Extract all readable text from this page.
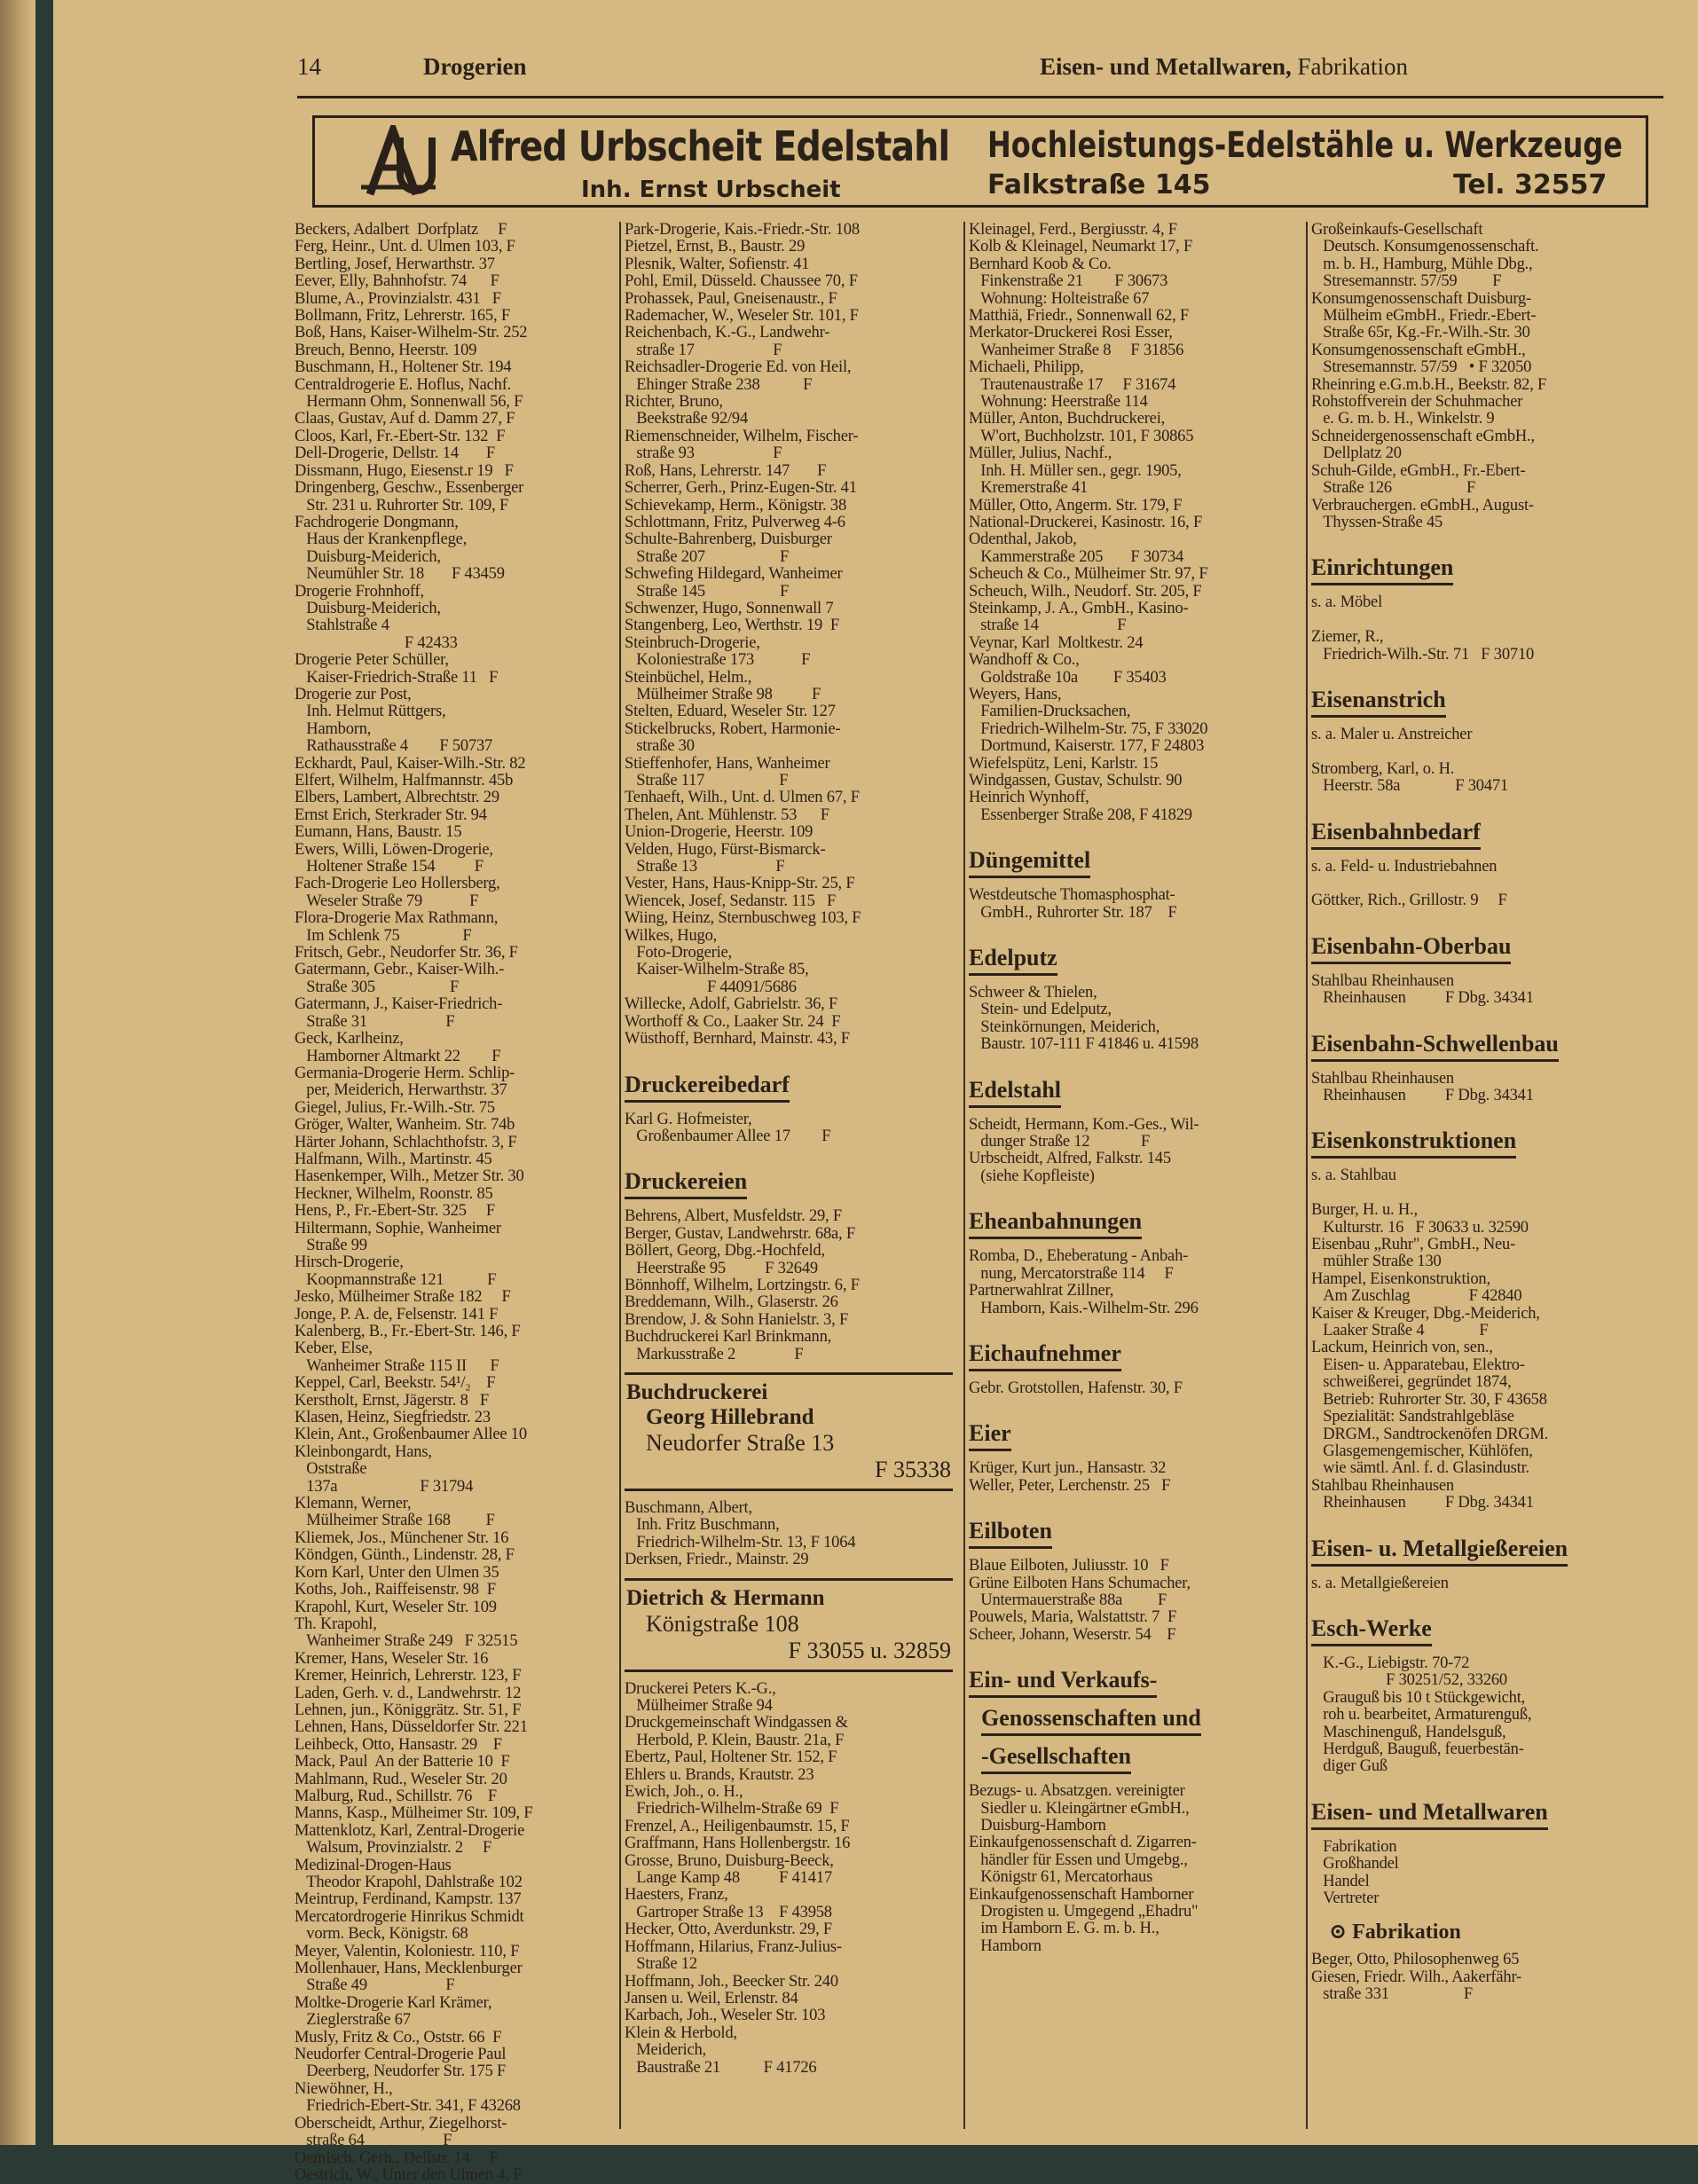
14	Drogerien	Eisen- und Metallwaren, Fabrikation
Alfred Urbscheit Edelstahl
Inh. Ernst Urbscheit
Hochleistungs-Edelstähle u. Werkzeuge
Falkstraße 145	Tel. 32557

Beckers, Adalbert  Dorfplatz     F
Ferg, Heinr., Unt. d. Ulmen 103, F
Bertling, Josef, Herwarthstr. 37
Eever, Elly, Bahnhofstr. 74      F
Blume, A., Provinzialstr. 431   F
Bollmann, Fritz, Lehrerstr. 165, F
Boß, Hans, Kaiser-Wilhelm-Str. 252
Breuch, Benno, Heerstr. 109
Buschmann, H., Holtener Str. 194
Centraldrogerie E. Hoflus, Nachf.
Hermann Ohm, Sonnenwall 56, F
Claas, Gustav, Auf d. Damm 27, F
Cloos, Karl, Fr.-Ebert-Str. 132  F
Dell-Drogerie, Dellstr. 14       F
Dissmann, Hugo, Eiesenst.r 19   F
Dringenberg, Geschw., Essenberger
Str. 231 u. Ruhrorter Str. 109, F
Fachdrogerie Dongmann,
Haus der Krankenpflege,
Duisburg-Meiderich,
Neumühler Str. 18       F 43459
Drogerie Frohnhoff,
Duisburg-Meiderich,
Stahlstraße 4
F 42433
Drogerie Peter Schüller,
Kaiser-Friedrich-Straße 11   F
Drogerie zur Post,
Inh. Helmut Rüttgers,
Hamborn,
Rathausstraße 4        F 50737
Eckhardt, Paul, Kaiser-Wilh.-Str. 82
Elfert, Wilhelm, Halfmannstr. 45b
Elbers, Lambert, Albrechtstr. 29
Ernst Erich, Sterkrader Str. 94
Eumann, Hans, Baustr. 15
Ewers, Willi, Löwen-Drogerie,
Holtener Straße 154          F
Fach-Drogerie Leo Hollersberg,
Weseler Straße 79            F
Flora-Drogerie Max Rathmann,
Im Schlenk 75                F
Fritsch, Gebr., Neudorfer Str. 36, F
Gatermann, Gebr., Kaiser-Wilh.-
Straße 305                   F
Gatermann, J., Kaiser-Friedrich-
Straße 31                    F
Geck, Karlheinz,
Hamborner Altmarkt 22        F
Germania-Drogerie Herm. Schlip-
per, Meiderich, Herwarthstr. 37
Giegel, Julius, Fr.-Wilh.-Str. 75
Gröger, Walter, Wanheim. Str. 74b
Härter Johann, Schlachthofstr. 3, F
Halfmann, Wilh., Martinstr. 45
Hasenkemper, Wilh., Metzer Str. 30
Heckner, Wilhelm, Roonstr. 85
Hens, P., Fr.-Ebert-Str. 325     F
Hiltermann, Sophie, Wanheimer
Straße 99
Hirsch-Drogerie,
Koopmannstraße 121           F
Jesko, Mülheimer Straße 182     F
Jonge, P. A. de, Felsenstr. 141 F
Kalenberg, B., Fr.-Ebert-Str. 146, F
Keber, Else,
Wanheimer Straße 115 II      F
Keppel, Carl, Beekstr. 54¹/₂    F
Kerstholt, Ernst, Jägerstr. 8   F
Klasen, Heinz, Siegfriedstr. 23
Klein, Ant., Großenbaumer Allee 10
Kleinbongardt, Hans,
Oststraße
137a                     F 31794
Klemann, Werner,
Mülheimer Straße 168         F
Kliemek, Jos., Münchener Str. 16
Köndgen, Günth., Lindenstr. 28, F
Korn Karl, Unter den Ulmen 35
Koths, Joh., Raiffeisenstr. 98  F
Krapohl, Kurt, Weseler Str. 109
Th. Krapohl,
Wanheimer Straße 249   F 32515
Kremer, Hans, Weseler Str. 16
Kremer, Heinrich, Lehrerstr. 123, F
Laden, Gerh. v. d., Landwehrstr. 12
Lehnen, jun., Königgrätz. Str. 51, F
Lehnen, Hans, Düsseldorfer Str. 221
Leihbeck, Otto, Hansastr. 29    F
Mack, Paul  An der Batterie 10  F
Mahlmann, Rud., Weseler Str. 20
Malburg, Rud., Schillstr. 76    F
Manns, Kasp., Mülheimer Str. 109, F
Mattenklotz, Karl, Zentral-Drogerie
Walsum, Provinzialstr. 2     F
Medizinal-Drogen-Haus
Theodor Krapohl, Dahlstraße 102
Meintrup, Ferdinand, Kampstr. 137
Mercatordrogerie Hinrikus Schmidt
vorm. Beck, Königstr. 68
Meyer, Valentin, Koloniestr. 110, F
Mollenhauer, Hans, Mecklenburger
Straße 49                    F
Moltke-Drogerie Karl Krämer,
Zieglerstraße 67
Musly, Fritz & Co., Oststr. 66  F
Neudorfer Central-Drogerie Paul
Deerberg, Neudorfer Str. 175 F
Niewöhner, H.,
Friedrich-Ebert-Str. 341, F 43268
Oberscheidt, Arthur, Ziegelhorst-
straße 64                    F
Oemisch, Gerh., Dellstr. 14     F
Oestrich, W., Unter den Ulmen 4, F

Park-Drogerie, Kais.-Friedr.-Str. 108
Pietzel, Ernst, B., Baustr. 29
Plesnik, Walter, Sofienstr. 41
Pohl, Emil, Düsseld. Chaussee 70, F
Prohassek, Paul, Gneisenaustr., F
Rademacher, W., Weseler Str. 101, F
Reichenbach, K.-G., Landwehr-
straße 17                    F
Reichsadler-Drogerie Ed. von Heil,
Ehinger Straße 238           F
Richter, Bruno,
Beekstraße 92/94
Riemenschneider, Wilhelm, Fischer-
straße 93                    F
Roß, Hans, Lehrerstr. 147       F
Scherrer, Gerh., Prinz-Eugen-Str. 41
Schievekamp, Herm., Königstr. 38
Schlottmann, Fritz, Pulverweg 4-6
Schulte-Bahrenberg, Duisburger
Straße 207                   F
Schwefing Hildegard, Wanheimer
Straße 145                   F
Schwenzer, Hugo, Sonnenwall 7
Stangenberg, Leo, Werthstr. 19  F
Steinbruch-Drogerie,
Koloniestraße 173            F
Steinbüchel, Helm.,
Mülheimer Straße 98          F
Stelten, Eduard, Weseler Str. 127
Stickelbrucks, Robert, Harmonie-
straße 30
Stieffenhofer, Hans, Wanheimer
Straße 117                   F
Tenhaeft, Wilh., Unt. d. Ulmen 67, F
Thelen, Ant. Mühlenstr. 53      F
Union-Drogerie, Heerstr. 109
Velden, Hugo, Fürst-Bismarck-
Straße 13                    F
Vester, Hans, Haus-Knipp-Str. 25, F
Wiencek, Josef, Sedanstr. 115   F
Wiing, Heinz, Sternbuschweg 103, F
Wilkes, Hugo,
Foto-Drogerie,
Kaiser-Wilhelm-Straße 85,
F 44091/5686
Willecke, Adolf, Gabrielstr. 36, F
Worthoff & Co., Laaker Str. 24  F
Wüsthoff, Bernhard, Mainstr. 43, F

Druckereibedarf

Karl G. Hofmeister,
Großenbaumer Allee 17        F

Druckereien

Behrens, Albert, Musfeldstr. 29, F
Berger, Gustav, Landwehrstr. 68a, F
Böllert, Georg, Dbg.-Hochfeld,
Heerstraße 95          F 32649
Bönnhoff, Wilhelm, Lortzingstr. 6, F
Breddemann, Wilh., Glaserstr. 26
Brendow, J. & Sohn Hanielstr. 3, F
Buchdruckerei Karl Brinkmann,
Markusstraße 2               F

Buchdruckerei
Georg Hillebrand
Neudorfer Straße 13
F 35338

Buschmann, Albert,
Inh. Fritz Buschmann,
Friedrich-Wilhelm-Str. 13, F 1064
Derksen, Friedr., Mainstr. 29

Dietrich & Hermann
Königstraße 108
F 33055 u. 32859

Druckerei Peters K.-G.,
Mülheimer Straße 94
Druckgemeinschaft Windgassen &
Herbold, P. Klein, Baustr. 21a, F
Ebertz, Paul, Holtener Str. 152, F
Ehlers u. Brands, Krautstr. 23
Ewich, Joh., o. H.,
Friedrich-Wilhelm-Straße 69  F
Frenzel, A., Heiligenbaumstr. 15, F
Graffmann, Hans Hollenbergstr. 16
Grosse, Bruno, Duisburg-Beeck,
Lange Kamp 48          F 41417
Haesters, Franz,
Gartroper Straße 13    F 43958
Hecker, Otto, Averdunkstr. 29, F
Hoffmann, Hilarius, Franz-Julius-
Straße 12
Hoffmann, Joh., Beecker Str. 240
Jansen u. Weil, Erlenstr. 84
Karbach, Joh., Weseler Str. 103
Klein & Herbold,
Meiderich,
Baustraße 21           F 41726

Kleinagel, Ferd., Bergiusstr. 4, F
Kolb & Kleinagel, Neumarkt 17, F
Bernhard Koob & Co.
Finkenstraße 21        F 30673
Wohnung: Holteistraße 67
Matthiä, Friedr., Sonnenwall 62, F
Merkator-Druckerei Rosi Esser,
Wanheimer Straße 8     F 31856
Michaeli, Philipp,
Trautenaustraße 17     F 31674
Wohnung: Heerstraße 114
Müller, Anton, Buchdruckerei,
W'ort, Buchholzstr. 101, F 30865
Müller, Julius, Nachf.,
Inh. H. Müller sen., gegr. 1905,
Kremerstraße 41
Müller, Otto, Angerm. Str. 179, F
National-Druckerei, Kasinostr. 16, F
Odenthal, Jakob,
Kammerstraße 205       F 30734
Scheuch & Co., Mülheimer Str. 97, F
Scheuch, Wilh., Neudorf. Str. 205, F
Steinkamp, J. A., GmbH., Kasino-
straße 14                    F
Veynar, Karl  Moltkestr. 24
Wandhoff & Co.,
Goldstraße 10a         F 35403
Weyers, Hans,
Familien-Drucksachen,
Friedrich-Wilhelm-Str. 75, F 33020
Dortmund, Kaiserstr. 177, F 24803
Wiefelspütz, Leni, Karlstr. 15
Windgassen, Gustav, Schulstr. 90
Heinrich Wynhoff,
Essenberger Straße 208, F 41829

Düngemittel

Westdeutsche Thomasphosphat-
GmbH., Ruhrorter Str. 187    F

Edelputz

Schweer & Thielen,
Stein- und Edelputz,
Steinkörnungen, Meiderich,
Baustr. 107-111 F 41846 u. 41598

Edelstahl

Scheidt, Hermann, Kom.-Ges., Wil-
dunger Straße 12             F
Urbscheidt, Alfred, Falkstr. 145
(siehe Kopfleiste)

Eheanbahnungen

Romba, D., Eheberatung - Anbah-
nung, Mercatorstraße 114     F
Partnerwahlrat Zillner,
Hamborn, Kais.-Wilhelm-Str. 296

Eichaufnehmer

Gebr. Grotstollen, Hafenstr. 30, F

Eier

Krüger, Kurt jun., Hansastr. 32
Weller, Peter, Lerchenstr. 25   F

Eilboten

Blaue Eilboten, Juliusstr. 10   F
Grüne Eilboten Hans Schumacher,
Untermauerstraße 88a         F
Pouwels, Maria, Walstattstr. 7  F
Scheer, Johann, Weserstr. 54    F

Ein- und Verkaufs-
Genossenschaften und
-Gesellschaften

Bezugs- u. Absatzgen. vereinigter
Siedler u. Kleingärtner eGmbH.,
Duisburg-Hamborn
Einkaufgenossenschaft d. Zigarren-
händler für Essen und Umgebg.,
Königstr 61, Mercatorhaus
Einkaufgenossenschaft Hamborner
Drogisten u. Umgegend „Ehadru"
im Hamborn E. G. m. b. H.,
Hamborn

Großeinkaufs-Gesellschaft
Deutsch. Konsumgenossenschaft.
m. b. H., Hamburg, Mühle Dbg.,
Stresemannstr. 57/59         F
Konsumgenossenschaft Duisburg-
Mülheim eGmbH., Friedr.-Ebert-
Straße 65r, Kg.-Fr.-Wilh.-Str. 30
Konsumgenossenschaft eGmbH.,
Stresemannstr. 57/59   • F 32050
Rheinring e.G.m.b.H., Beekstr. 82, F
Rohstoffverein der Schuhmacher
e. G. m. b. H., Winkelstr. 9
Schneidergenossenschaft eGmbH.,
Dellplatz 20
Schuh-Gilde, eGmbH., Fr.-Ebert-
Straße 126                   F
Verbrauchergen. eGmbH., August-
Thyssen-Straße 45

Einrichtungen

s. a. Möbel

Ziemer, R.,
Friedrich-Wilh.-Str. 71   F 30710

Eisenanstrich

s. a. Maler u. Anstreicher

Stromberg, Karl, o. H.
Heerstr. 58a              F 30471

Eisenbahnbedarf

s. a. Feld- u. Industriebahnen

Göttker, Rich., Grillostr. 9     F

Eisenbahn-Oberbau

Stahlbau Rheinhausen
Rheinhausen          F Dbg. 34341

Eisenbahn-Schwellenbau

Stahlbau Rheinhausen
Rheinhausen          F Dbg. 34341

Eisenkonstruktionen

s. a. Stahlbau

Burger, H. u. H.,
Kulturstr. 16   F 30633 u. 32590
Eisenbau „Ruhr", GmbH., Neu-
mühler Straße 130
Hampel, Eisenkonstruktion,
Am Zuschlag               F 42840
Kaiser & Kreuger, Dbg.-Meiderich,
Laaker Straße 4              F
Lackum, Heinrich von, sen.,
Eisen- u. Apparatebau, Elektro-
schweißerei, gegründet 1874,
Betrieb: Ruhrorter Str. 30, F 43658
Spezialität: Sandstrahlgebläse
DRGM., Sandtrockenöfen DRGM.
Glasgemengemischer, Kühlöfen,
wie sämtl. Anl. f. d. Glasindustr.
Stahlbau Rheinhausen
Rheinhausen          F Dbg. 34341

Eisen- u. Metallgießereien

s. a. Metallgießereien

Esch-Werke

K.-G., Liebigstr. 70-72
F 30251/52, 33260
Grauguß bis 10 t Stückgewicht,
roh u. bearbeitet, Armaturenguß,
Maschinenguß, Handelsguß,
Herdguß, Bauguß, feuerbestän-
diger Guß

Eisen- und Metallwaren

Fabrikation
Großhandel
Handel
Vertreter

⊙ Fabrikation

Beger, Otto, Philosophenweg 65
Giesen, Friedr. Wilh., Aakerfähr-
straße 331                   F
